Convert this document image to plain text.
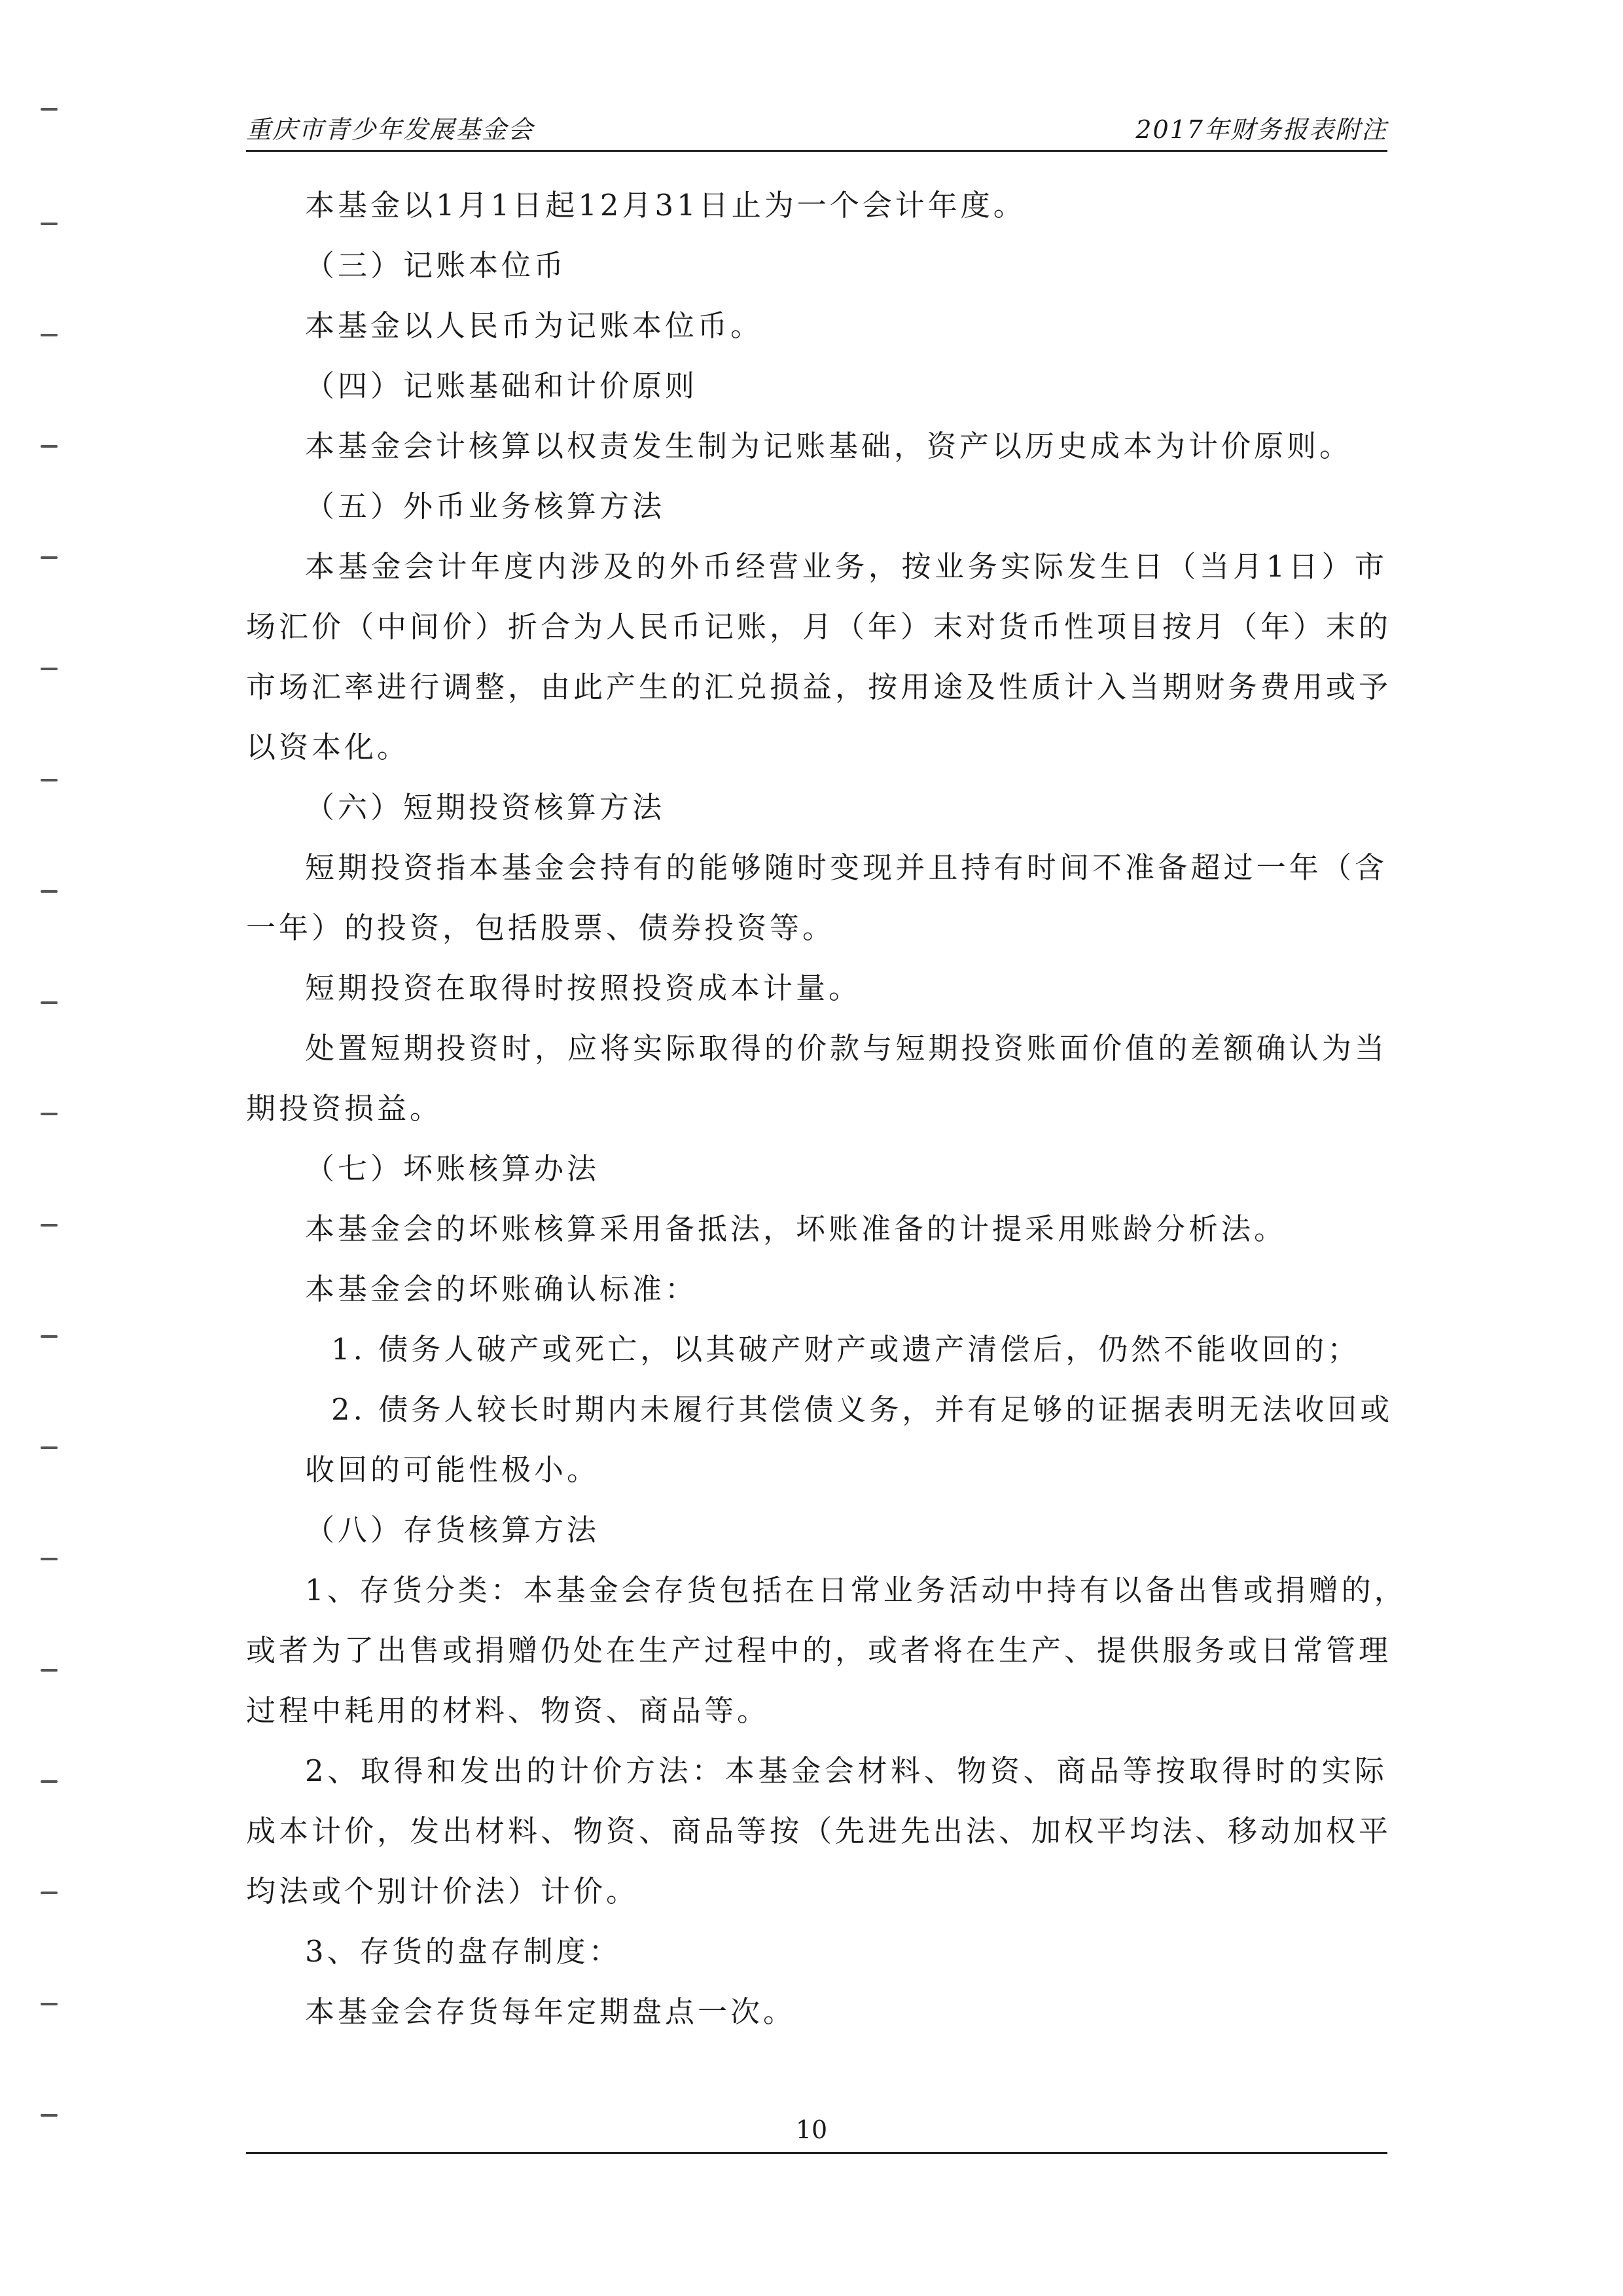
重庆市青少年发展基金会	2017年财务报表附注

本基金以1月1日起12月31日止为一个会计年度。

（三）记账本位币

本基金以人民币为记账本位币。

（四）记账基础和计价原则

本基金会计核算以权责发生制为记账基础，资产以历史成本为计价原则。

（五）外币业务核算方法

本基金会计年度内涉及的外币经营业务，按业务实际发生日（当月1日）市

场汇价（中间价）折合为人民币记账，月（年）末对货币性项目按月（年）末的

市场汇率进行调整，由此产生的汇兑损益，按用途及性质计入当期财务费用或予

以资本化。

（六）短期投资核算方法

短期投资指本基金会持有的能够随时变现并且持有时间不准备超过一年（含

一年）的投资，包括股票、债券投资等。

短期投资在取得时按照投资成本计量。

处置短期投资时，应将实际取得的价款与短期投资账面价值的差额确认为当

期投资损益。

（七）坏账核算办法

本基金会的坏账核算采用备抵法，坏账准备的计提采用账龄分析法。

本基金会的坏账确认标准：

1. 债务人破产或死亡，以其破产财产或遗产清偿后，仍然不能收回的；

2. 债务人较长时期内未履行其偿债义务，并有足够的证据表明无法收回或

收回的可能性极小。

（八）存货核算方法

1、存货分类：本基金会存货包括在日常业务活动中持有以备出售或捐赠的，

或者为了出售或捐赠仍处在生产过程中的，或者将在生产、提供服务或日常管理

过程中耗用的材料、物资、商品等。

2、取得和发出的计价方法：本基金会材料、物资、商品等按取得时的实际

成本计价，发出材料、物资、商品等按（先进先出法、加权平均法、移动加权平

均法或个别计价法）计价。

3、存货的盘存制度：

本基金会存货每年定期盘点一次。

10
